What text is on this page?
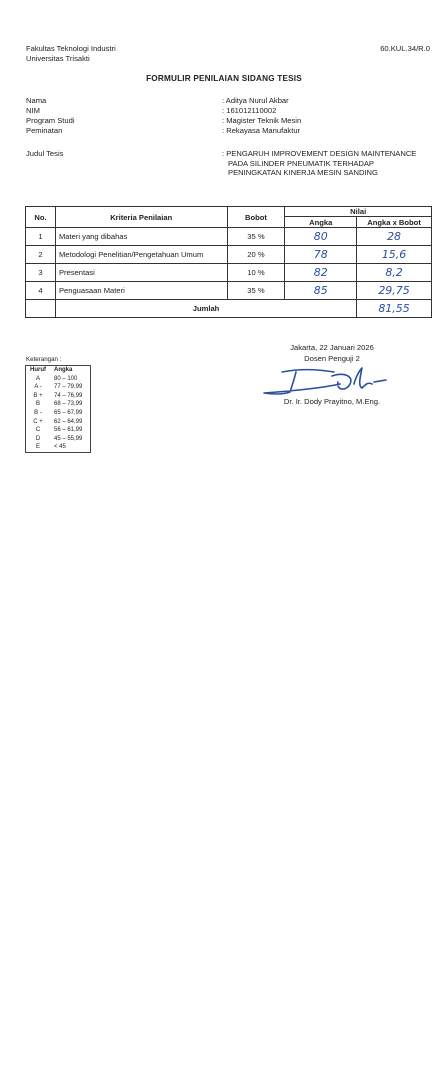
Fakultas Teknologi Industri
Universitas Trisakti
60.KUL.34/R.0
FORMULIR PENILAIAN SIDANG TESIS
Nama	: Aditya Nurul Akbar
NIM	: 161012110002
Program Studi	: Magister Teknik Mesin
Peminatan	: Rekayasa Manufaktur
Judul Tesis	: PENGARUH IMPROVEMENT DESIGN MAINTENANCE
PADA SILINDER PNEUMATIK TERHADAP
PENINGKATAN KINERJA MESIN SANDING
No.	Kriteria Penilaian	Bobot	Nilai	
			Angka	Angka x Bobot
1	Materi yang dibahas	35 %	80	28
2	Metodologi Penelitian/Pengetahuan Umum	20 %	78	15,6
3	Presentasi	10 %	82	8,2
4	Penguasaan Materi	35 %	85	29,75
	Jumlah			81,55
Keterangan :
Huruf	Angka
A	80 – 100
A -	77 – 79,99
B +	74 – 76,99
B	68 – 73,99
B -	65 – 67,99
C +	62 – 64,99
C	56 – 61,99
D	45 – 55,99
E	< 45
Jakarta, 22 Januari 2026
Dosen Penguji 2
Dr. Ir. Dody Prayitno, M.Eng.
